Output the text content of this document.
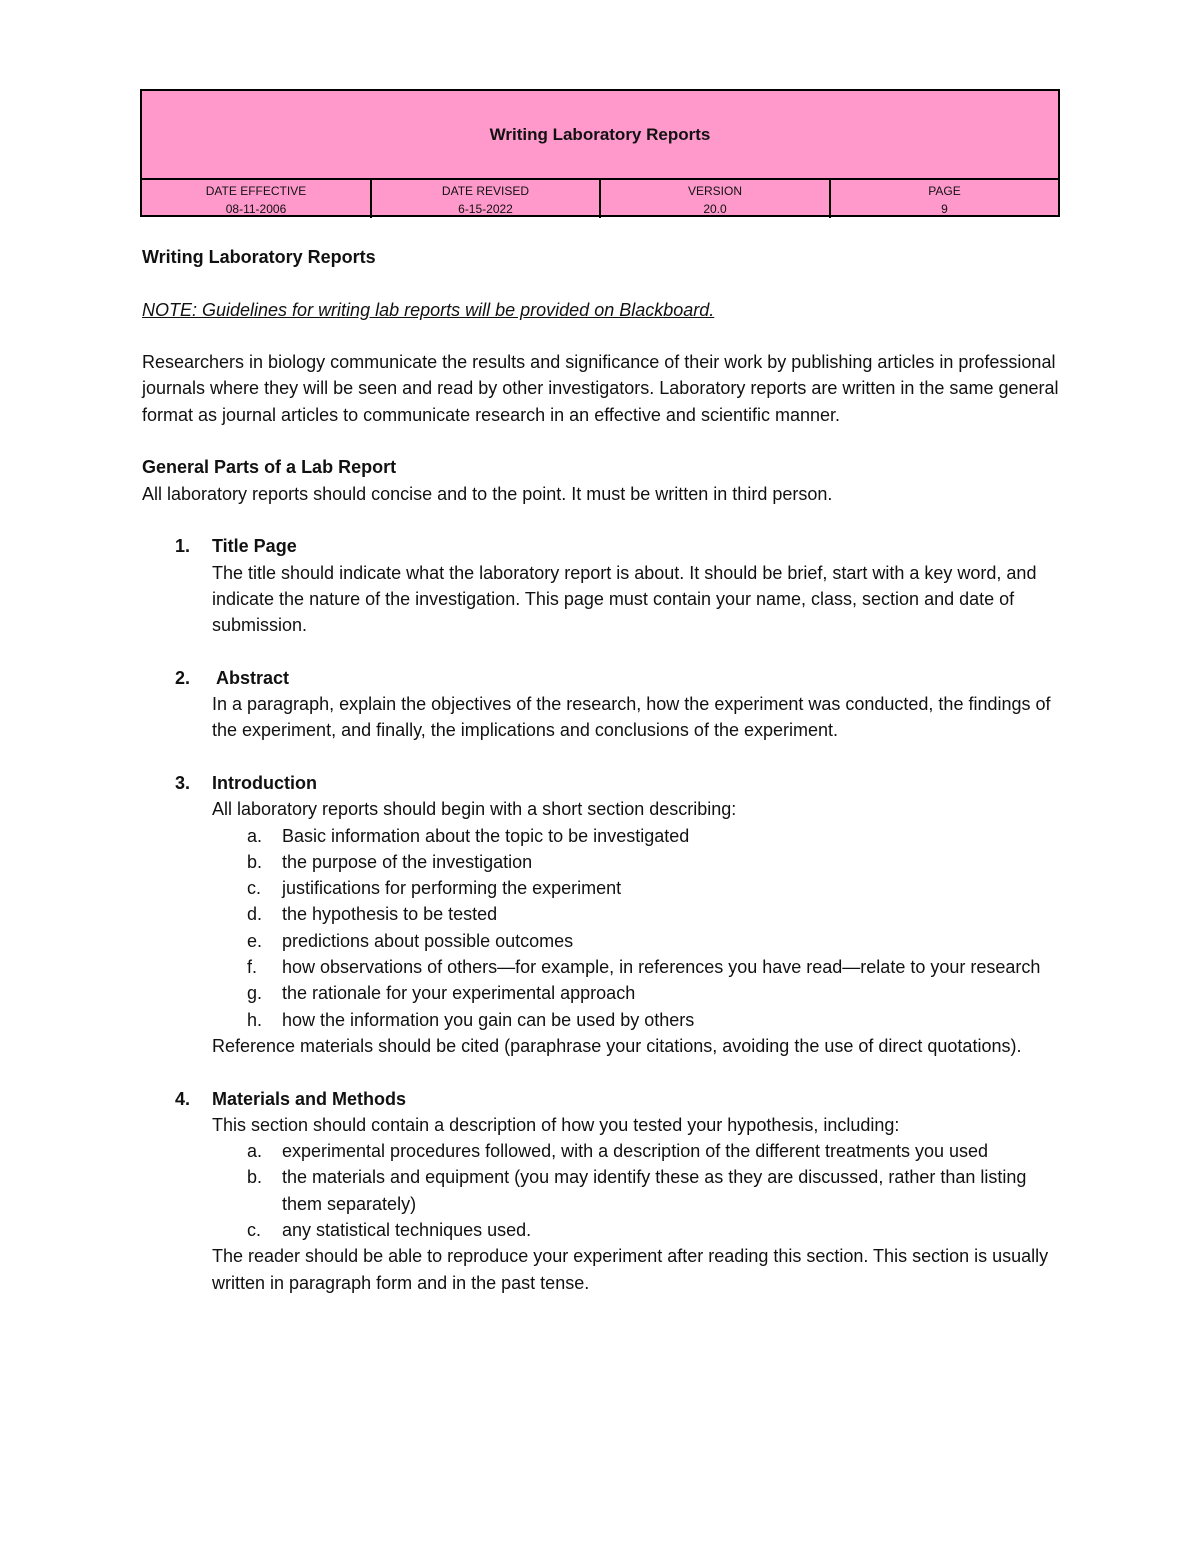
Writing Laboratory Reports
DATE EFFECTIVE
08-11-2006
DATE REVISED
6-15-2022
VERSION
20.0
PAGE
9

Writing Laboratory Reports

NOTE: Guidelines for writing lab reports will be provided on Blackboard.

Researchers in biology communicate the results and significance of their work by publishing articles in professional journals where they will be seen and read by other investigators. Laboratory reports are written in the same general format as journal articles to communicate research in an effective and scientific manner.

General Parts of a Lab Report

All laboratory reports should concise and to the point. It must be written in third person.

1. Title Page

The title should indicate what the laboratory report is about. It should be brief, start with a key word, and indicate the nature of the investigation. This page must contain your name, class, section and date of submission.

2. Abstract

In a paragraph, explain the objectives of the research, how the experiment was conducted, the findings of the experiment, and finally, the implications and conclusions of the experiment.

3. Introduction

All laboratory reports should begin with a short section describing:

a. Basic information about the topic to be investigated

b. the purpose of the investigation

c. justifications for performing the experiment

d. the hypothesis to be tested

e. predictions about possible outcomes

f. how observations of others—for example, in references you have read—relate to your research

g. the rationale for your experimental approach

h. how the information you gain can be used by others

Reference materials should be cited (paraphrase your citations, avoiding the use of direct quotations).

4. Materials and Methods

This section should contain a description of how you tested your hypothesis, including:

a. experimental procedures followed, with a description of the different treatments you used

b. the materials and equipment (you may identify these as they are discussed, rather than listing them separately)

c. any statistical techniques used.

The reader should be able to reproduce your experiment after reading this section. This section is usually written in paragraph form and in the past tense.
